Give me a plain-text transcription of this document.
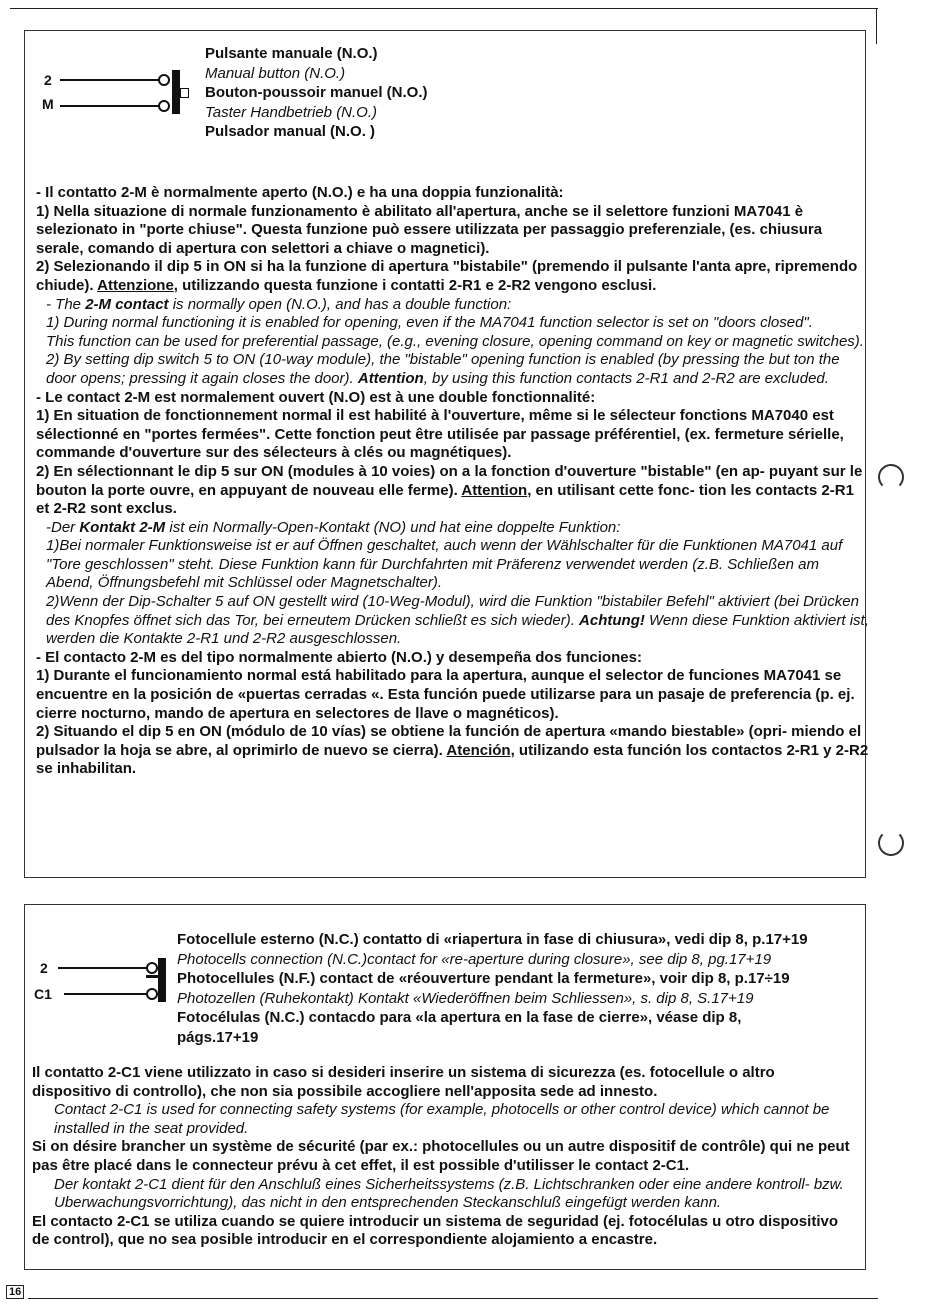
2
M

Pulsante manuale (N.O.)

Manual button (N.O.)

Bouton-poussoir manuel (N.O.)

Taster Handbetrieb (N.O.)

Pulsador manual (N.O. )

- Il contatto 2-M è normalmente aperto (N.O.) e ha una doppia funzionalità:

1) Nella situazione di normale funzionamento è abilitato all'apertura, anche se il selettore funzioni MA7041 è selezionato in "porte chiuse". Questa funzione può essere utilizzata per passaggio preferenziale, (es. chiusura serale, comando di apertura con selettori a chiave o magnetici).

2) Selezionando il dip 5 in ON si ha la funzione di apertura "bistabile" (premendo il pulsante l'anta apre, ripremendo chiude). Attenzione, utilizzando questa funzione i contatti 2-R1 e 2-R2 vengono esclusi.

- The 2-M contact is normally open (N.O.), and has a double function:

1) During normal functioning it is enabled for opening, even if the MA7041 function selector is set on "doors closed".

This function can be used for preferential passage, (e.g., evening closure, opening command on key or magnetic switches).

2) By setting dip switch 5 to ON (10-way module), the "bistable" opening function is enabled (by pressing the but ton the door opens; pressing it again closes the door). Attention, by using this function contacts 2-R1 and 2-R2 are excluded.

- Le contact 2-M est normalement ouvert (N.O) est à une double fonctionnalité:

1) En situation de fonctionnement normal il est habilité à l'ouverture, même si le sélecteur fonctions MA7040 est sélectionné en "portes fermées". Cette fonction peut être utilisée par passage préférentiel, (ex. fermeture sérielle, commande d'ouverture sur des sélecteurs à clés ou magnétiques).

2) En sélectionnant le dip 5 sur ON (modules à 10 voies) on a la fonction d'ouverture "bistable" (en ap- puyant sur le bouton la porte ouvre, en appuyant de nouveau elle ferme). Attention, en utilisant cette fonc- tion les contacts 2-R1 et 2-R2 sont exclus.

-Der Kontakt 2-M ist ein Normally-Open-Kontakt (NO) und hat eine doppelte Funktion:

1)Bei normaler Funktionsweise ist er auf Öffnen geschaltet, auch wenn der Wählschalter für die Funktionen MA7041 auf "Tore geschlossen" steht. Diese Funktion kann für Durchfahrten mit Präferenz verwendet werden (z.B. Schließen am Abend, Öffnungsbefehl mit Schlüssel oder Magnetschalter).

2)Wenn der Dip-Schalter 5 auf ON gestellt wird (10-Weg-Modul), wird die Funktion "bistabiler Befehl" aktiviert (bei Drücken des Knopfes öffnet sich das Tor, bei erneutem Drücken schließt es sich wieder). Achtung! Wenn diese Funktion aktiviert ist, werden die Kontakte 2-R1 und 2-R2 ausgeschlossen.

- El contacto 2-M es del tipo normalmente abierto (N.O.) y desempeña dos funciones:

1) Durante el funcionamiento normal está habilitado para la apertura, aunque el selector de funciones MA7041 se encuentre en la posición de «puertas cerradas «. Esta función puede utilizarse para un pasaje de preferencia (p. ej. cierre nocturno, mando de apertura en selectores de llave o magnéticos).

2) Situando el dip 5 en ON (módulo de 10 vías) se obtiene la función de apertura «mando biestable» (opri- miendo el pulsador la hoja se abre, al oprimirlo de nuevo se cierra). Atención, utilizando esta función los contactos 2-R1 y 2-R2 se inhabilitan.

2
C1

Fotocellule esterno (N.C.) contatto di «riapertura in fase di chiusura», vedi dip 8, p.17+19

Photocells connection (N.C.)contact for «re-aperture during closure», see dip 8, pg.17+19

Photocellules (N.F.) contact de «réouverture pendant la fermeture», voir dip 8, p.17÷19

Photozellen (Ruhekontakt) Kontakt «Wiederöffnen beim Schliessen», s. dip 8, S.17+19

Fotocélulas (N.C.) contacdo para «la apertura en la fase de cierre», véase dip 8, págs.17+19

Il contatto 2-C1 viene utilizzato in caso si desideri inserire un sistema di sicurezza (es. fotocellule o altro dispositivo di controllo), che non sia possibile accogliere nell'apposita sede ad innesto.

Contact 2-C1 is used for connecting safety systems (for example, photocells or other control device) which cannot be installed in the seat provided.

Si on désire brancher un système de sécurité (par ex.: photocellules ou un autre dispositif de contrôle) qui ne peut pas être placé dans le connecteur prévu à cet effet, il est possible d'utilisser le contact 2-C1.

Der kontakt 2-C1 dient für den Anschluß eines Sicherheitssystems (z.B. Lichtschranken oder eine andere kontroll- bzw. Uberwachungsvorrichtung), das nicht in den entsprechenden Steckanschluß eingefügt werden kann.

El contacto 2-C1 se utiliza cuando se quiere introducir un sistema de seguridad (ej. fotocélulas u otro dispositivo de control), que no sea posible introducir en el correspondiente alojamiento a encastre.

16
